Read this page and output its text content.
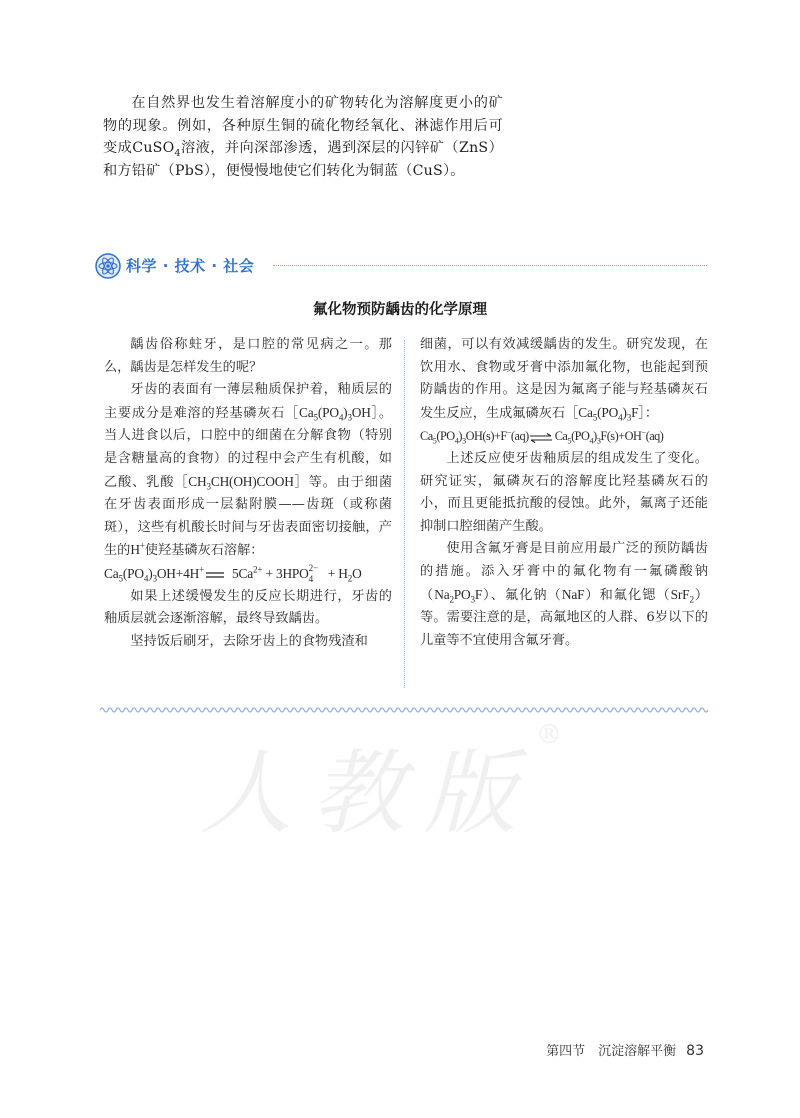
在自然界也发生着溶解度小的矿物转化为溶解度更小的矿物的现象。例如，各种原生铜的硫化物经氧化、淋滤作用后可变成CuSO$_4$溶液，并向深部渗透，遇到深层的闪锌矿（ZnS）和方铅矿（PbS），便慢慢地使它们转化为铜蓝（CuS）。

科学 · 技术 · 社会
氟化物预防龋齿的化学原理

龋齿俗称蛀牙，是口腔的常见病之一。那么，龋齿是怎样发生的呢？

牙齿的表面有一薄层釉质保护着，釉质层的主要成分是难溶的羟基磷灰石$[Ca_5(PO_4)_3OH]$。当人进食以后，口腔中的细菌在分解食物（特别是含糖量高的食物）的过程中会产生有机酸，如乙酸、乳酸$[CH_3CH(OH)COOH]$等。由于细菌在牙齿表面形成一层黏附膜——齿斑（或称菌斑），这些有机酸长时间与牙齿表面密切接触，产生的H+使羟基磷灰石溶解：

$Ca_5(PO_4)_3OH+4H^+$ $5Ca^{2+} + 3HPO$ 2−
$4 + H_2O$

如果上述缓慢发生的反应长期进行，牙齿的釉质层就会逐渐溶解，最终导致龋齿。

坚持饭后刷牙，去除牙齿上的食物残渣和

细菌，可以有效减缓龋齿的发生。研究发现，在饮用水、食物或牙膏中添加氟化物，也能起到预防龋齿的作用。这是因为氟离子能与羟基磷灰石发生反应，生成氟磷灰石$[Ca_5(PO_4)_3F]$：

$Ca_5(PO_4)_3OH(s)+F^-(aq)\rightleftharpoons Ca_5(PO_4)_3F(s)+OH^-(aq)$

上述反应使牙齿釉质层的组成发生了变化。研究证实，氟磷灰石的溶解度比羟基磷灰石的小，而且更能抵抗酸的侵蚀。此外，氟离子还能抑制口腔细菌产生酸。

使用含氟牙膏是目前应用最广泛的预防龋齿的措施。添入牙膏中的氟化物有一氟磷酸钠$(Na_2PO_3F)$、氟化钠（NaF）和氟化锶（SrF$_2$）等。需要注意的是，高氟地区的人群、6岁以下的儿童等不宜使用含氟牙膏。

人教版®
第四节　沉淀溶解平衡 83
